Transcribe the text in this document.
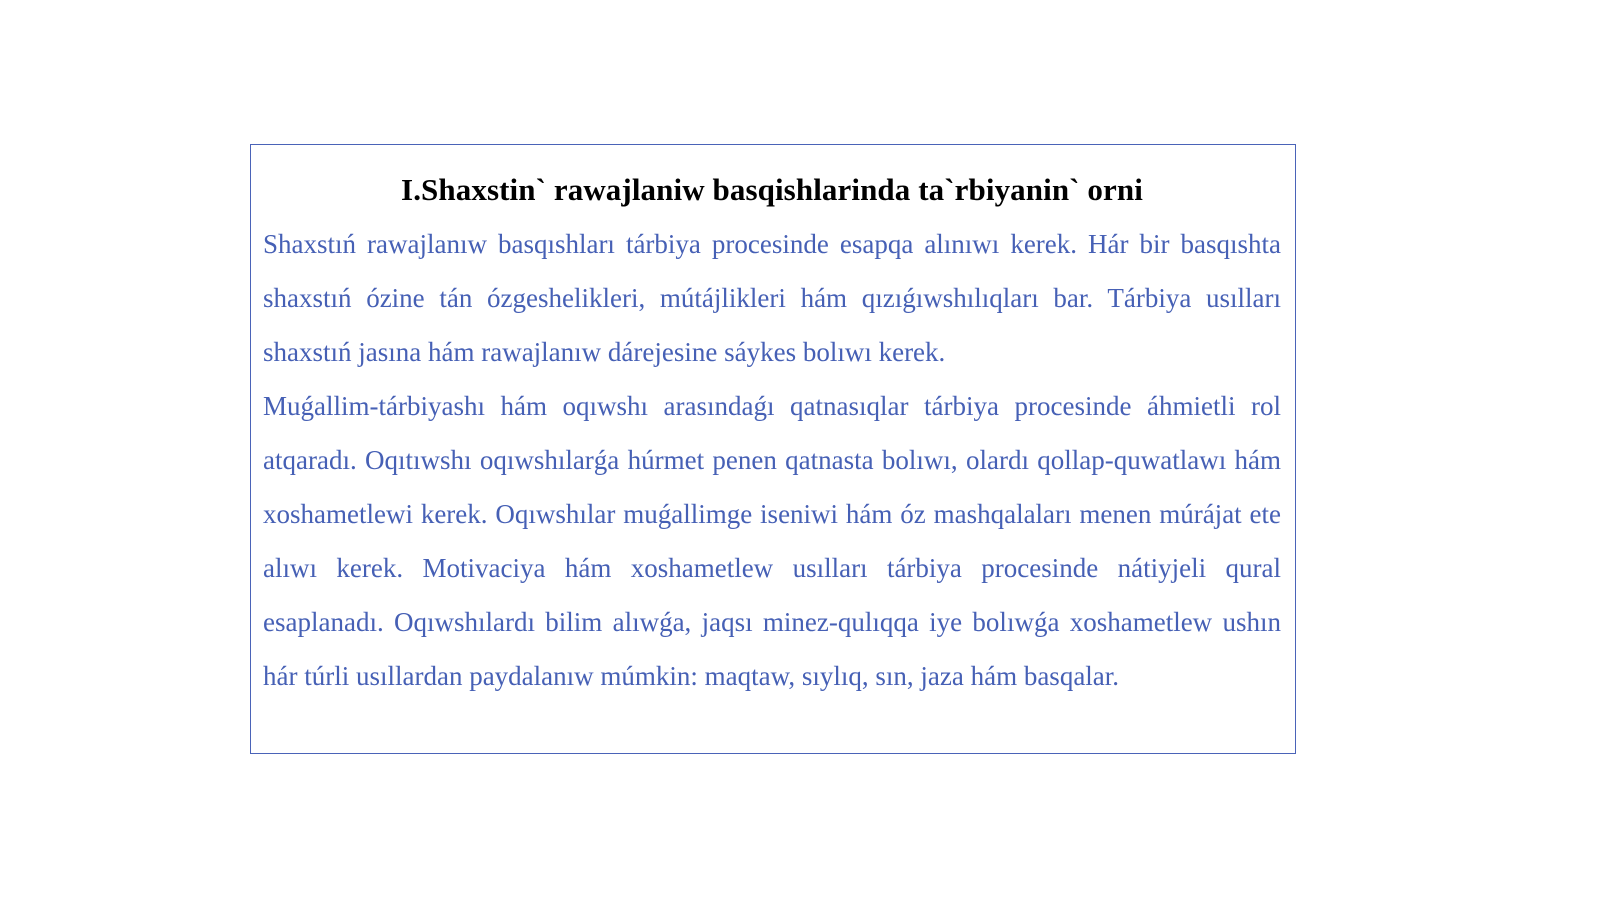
I.Shaxstin` rawajlaniw basqishlarinda ta`rbiyanin` orni

Shaxstıń rawajlanıw basqıshları tárbiya procesinde esapqa alınıwı kerek. Hár bir basqıshta shaxstıń ózine tán ózgeshelikleri, mútájlikleri hám qızıǵıwshılıqları bar. Tárbiya usılları shaxstıń jasına hám rawajlanıw dárejesine sáykes bolıwı kerek.

Muǵallim-tárbiyashı hám oqıwshı arasındaǵı qatnasıqlar tárbiya procesinde áhmietli rol atqaradı. Oqıtıwshı oqıwshılarǵa húrmet penen qatnasta bolıwı, olardı qollap-quwatlawı hám xoshametlewi kerek. Oqıwshılar muǵallimge iseniwi hám óz mashqalaları menen múrájat ete alıwı kerek. Motivaciya hám xoshametlew usılları tárbiya procesinde nátiyjeli qural esaplanadı. Oqıwshılardı bilim alıwǵa, jaqsı minez-qulıqqa iye bolıwǵa xoshametlew ushın hár túrli usıllardan paydalanıw múmkin: maqtaw, sıylıq, sın, jaza hám basqalar.
